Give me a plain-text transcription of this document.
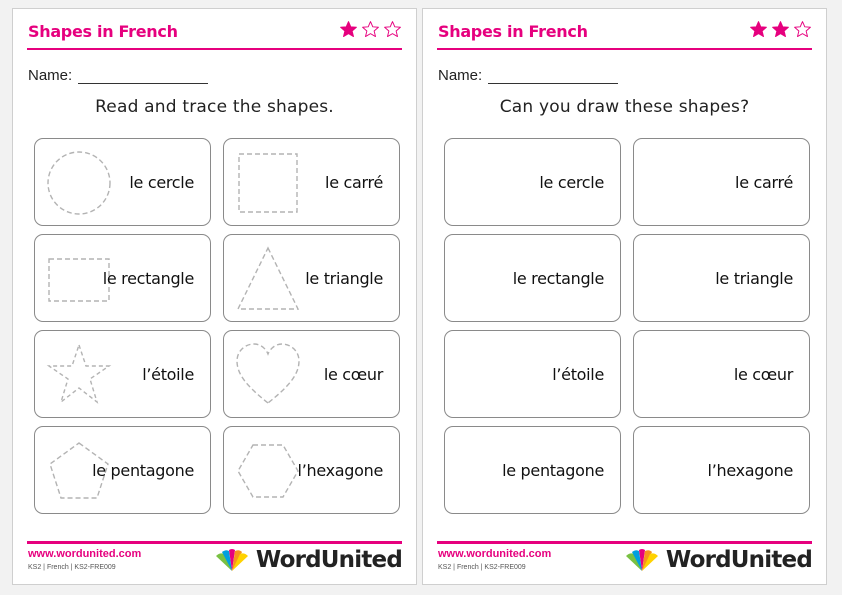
Shapes in French
Name:
Read and trace the shapes.
le cercle	le carré
le rectangle	le triangle
l’étoile	le cœur
le pentagone	l’hexagone
www.wordunited.com
KS2 | French | KS2-FRE009	WordUnited
Shapes in French
Name:
Can you draw these shapes?
le cercle	le carré
le rectangle	le triangle
l’étoile	le cœur
le pentagone	l’hexagone
www.wordunited.com
KS2 | French | KS2-FRE009	WordUnited
